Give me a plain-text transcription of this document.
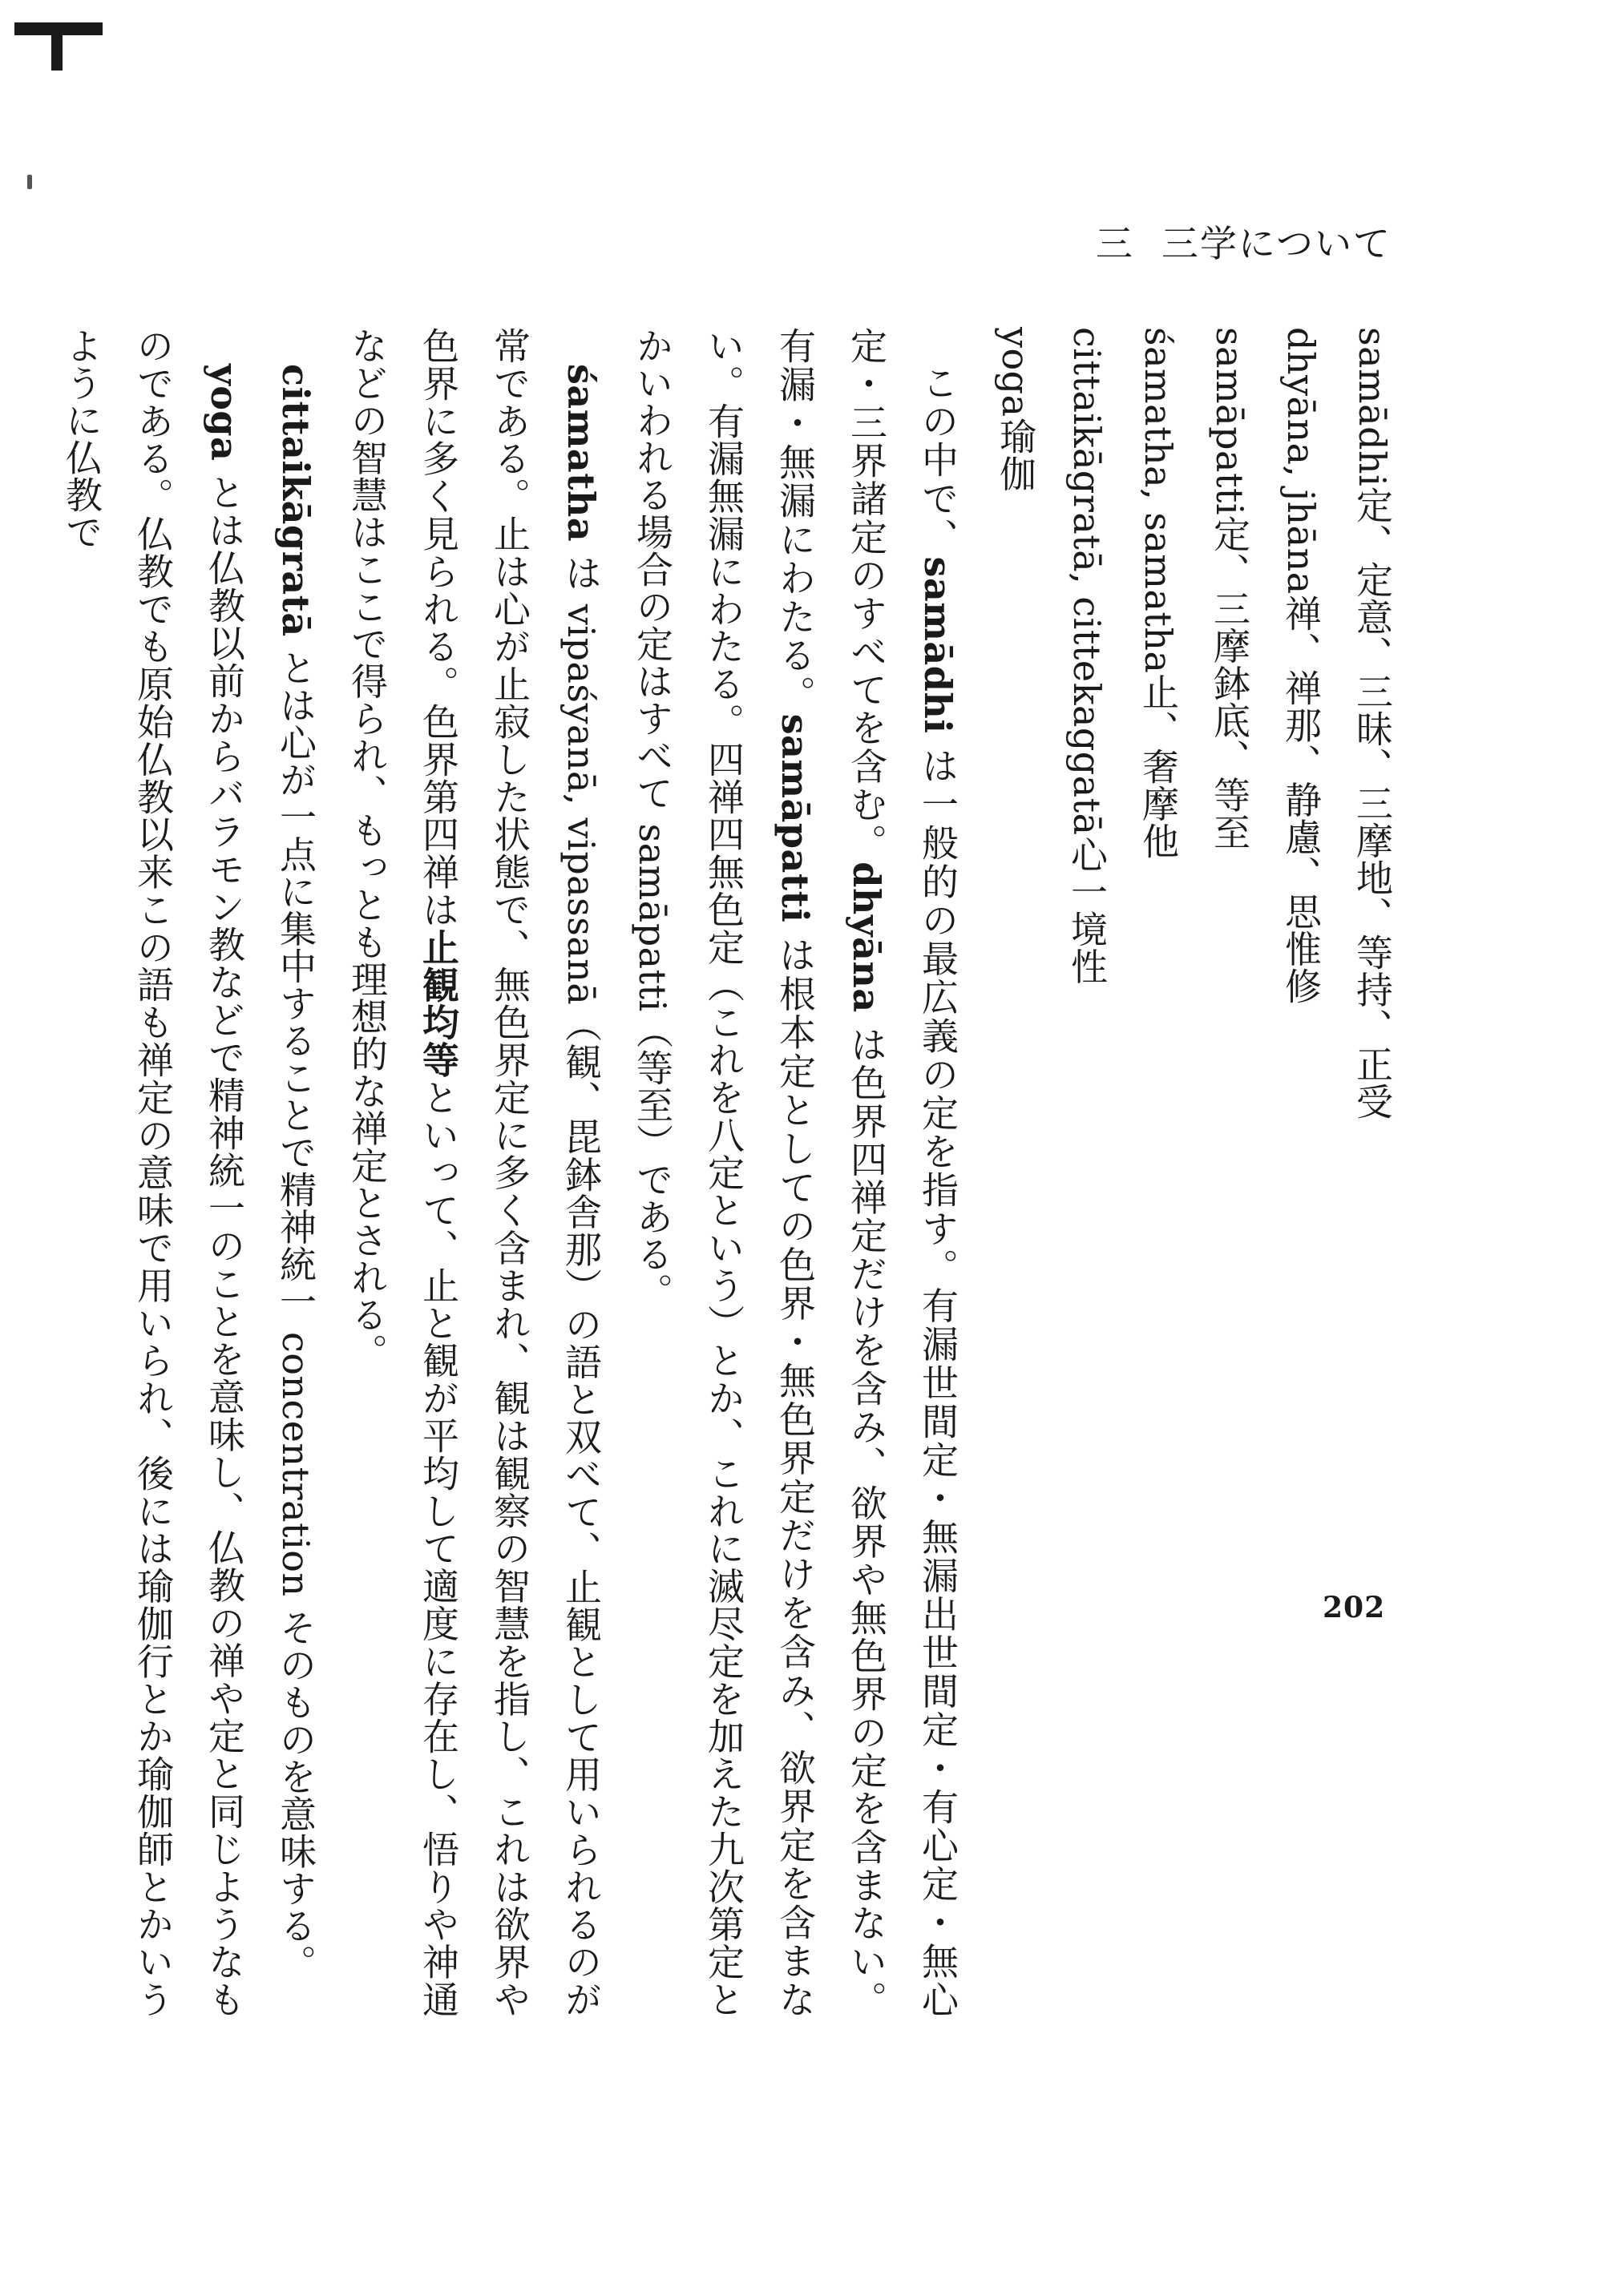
三 三学について

samādhi定、定意、三昧、三摩地、等持、正受

dhyāna, jhāna禅、禅那、静慮、思惟修

samāpatti定、三摩鉢底、等至

śamatha, samatha止、奢摩他

cittaikāgratā, cittekaggatā心一境性

yoga瑜伽

この中で、samādhi は一般的の最広義の定を指す。有漏世間定・無漏出世間定・有心定・無心定・三界諸定のすべてを含む。dhyāna は色界四禅定だけを含み、欲界や無色界の定を含まない。有漏・無漏にわたる。samāpatti は根本定としての色界・無色界定だけを含み、欲界定を含まない。有漏無漏にわたる。四禅四無色定（これを八定という）とか、これに滅尽定を加えた九次第定とかいわれる場合の定はすべて samāpatti（等至）である。

śamatha は vipaśyanā, vipassanā（観、毘鉢舎那）の語と双べて、止観として用いられるのが常である。止は心が止寂した状態で、無色界定に多く含まれ、観は観察の智慧を指し、これは欲界や色界に多く見られる。色界第四禅は止観均等といって、止と観が平均して適度に存在し、悟りや神通などの智慧はここで得られ、もっとも理想的な禅定とされる。

cittaikāgratā とは心が一点に集中することで精神統一 concentration そのものを意味する。

yoga とは仏教以前からバラモン教などで精神統一のことを意味し、仏教の禅や定と同じようなものである。仏教でも原始仏教以来この語も禅定の意味で用いられ、後には瑜伽行とか瑜伽師とかいうように仏教で

202
